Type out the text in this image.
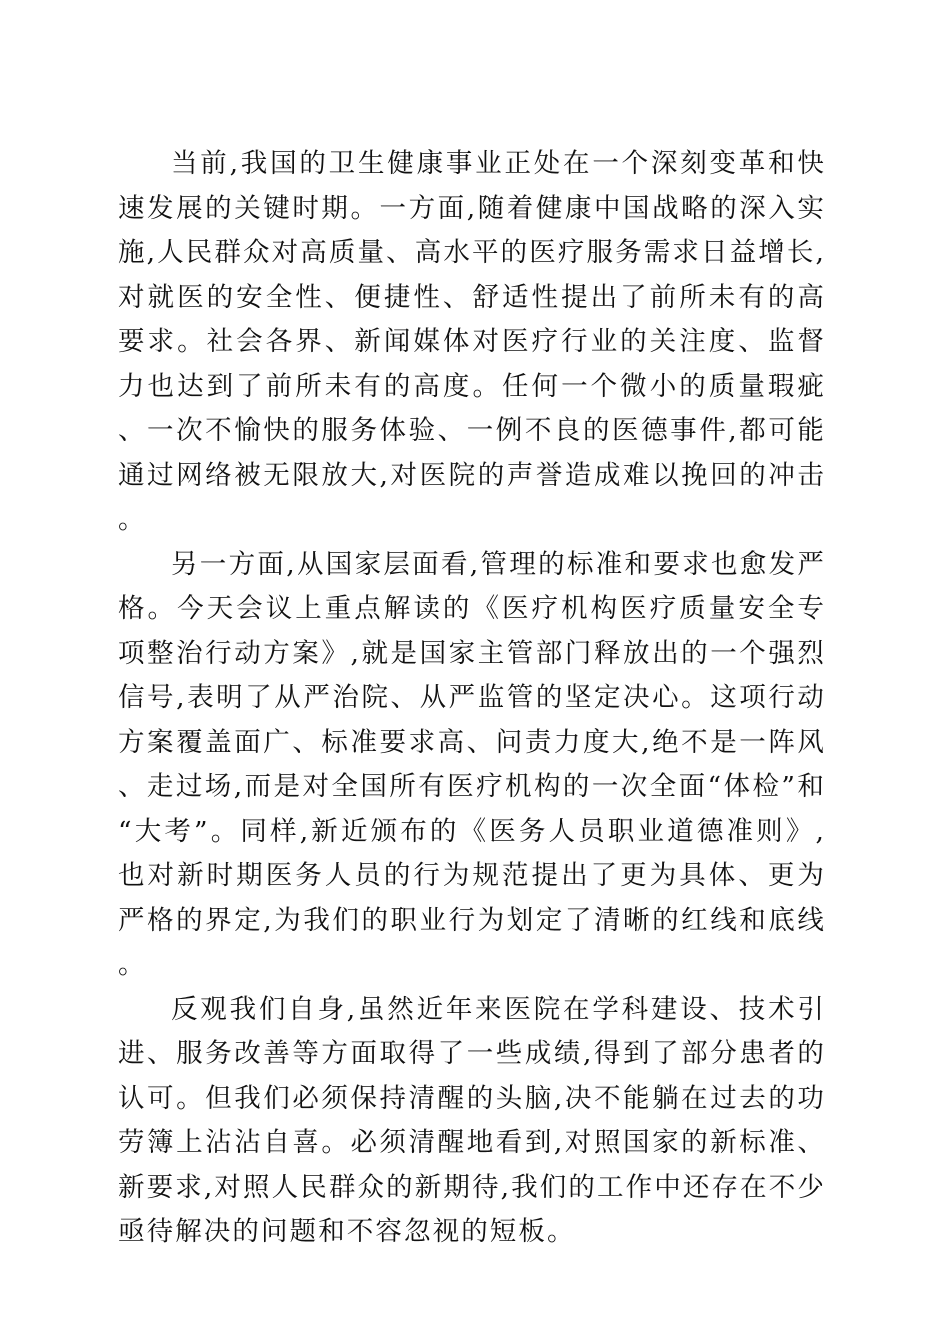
当前,我国的卫生健康事业正处在一个深刻变革和快速发展的关键时期。一方面,随着健康中国战略的深入实施,人民群众对高质量、高水平的医疗服务需求日益增长,对就医的安全性、便捷性、舒适性提出了前所未有的高要求。社会各界、新闻媒体对医疗行业的关注度、监督力也达到了前所未有的高度。任何一个微小的质量瑕疵、一次不愉快的服务体验、一例不良的医德事件,都可能通过网络被无限放大,对医院的声誉造成难以挽回的冲击。

另一方面,从国家层面看,管理的标准和要求也愈发严格。今天会议上重点解读的《医疗机构医疗质量安全专项整治行动方案》,就是国家主管部门释放出的一个强烈信号,表明了从严治院、从严监管的坚定决心。这项行动方案覆盖面广、标准要求高、问责力度大,绝不是一阵风、走过场,而是对全国所有医疗机构的一次全面“体检”和“大考”。同样,新近颁布的《医务人员职业道德准则》,也对新时期医务人员的行为规范提出了更为具体、更为严格的界定,为我们的职业行为划定了清晰的红线和底线。

反观我们自身,虽然近年来医院在学科建设、技术引进、服务改善等方面取得了一些成绩,得到了部分患者的认可。但我们必须保持清醒的头脑,决不能躺在过去的功劳簿上沾沾自喜。必须清醒地看到,对照国家的新标准、新要求,对照人民群众的新期待,我们的工作中还存在不少亟待解决的问题和不容忽视的短板。
